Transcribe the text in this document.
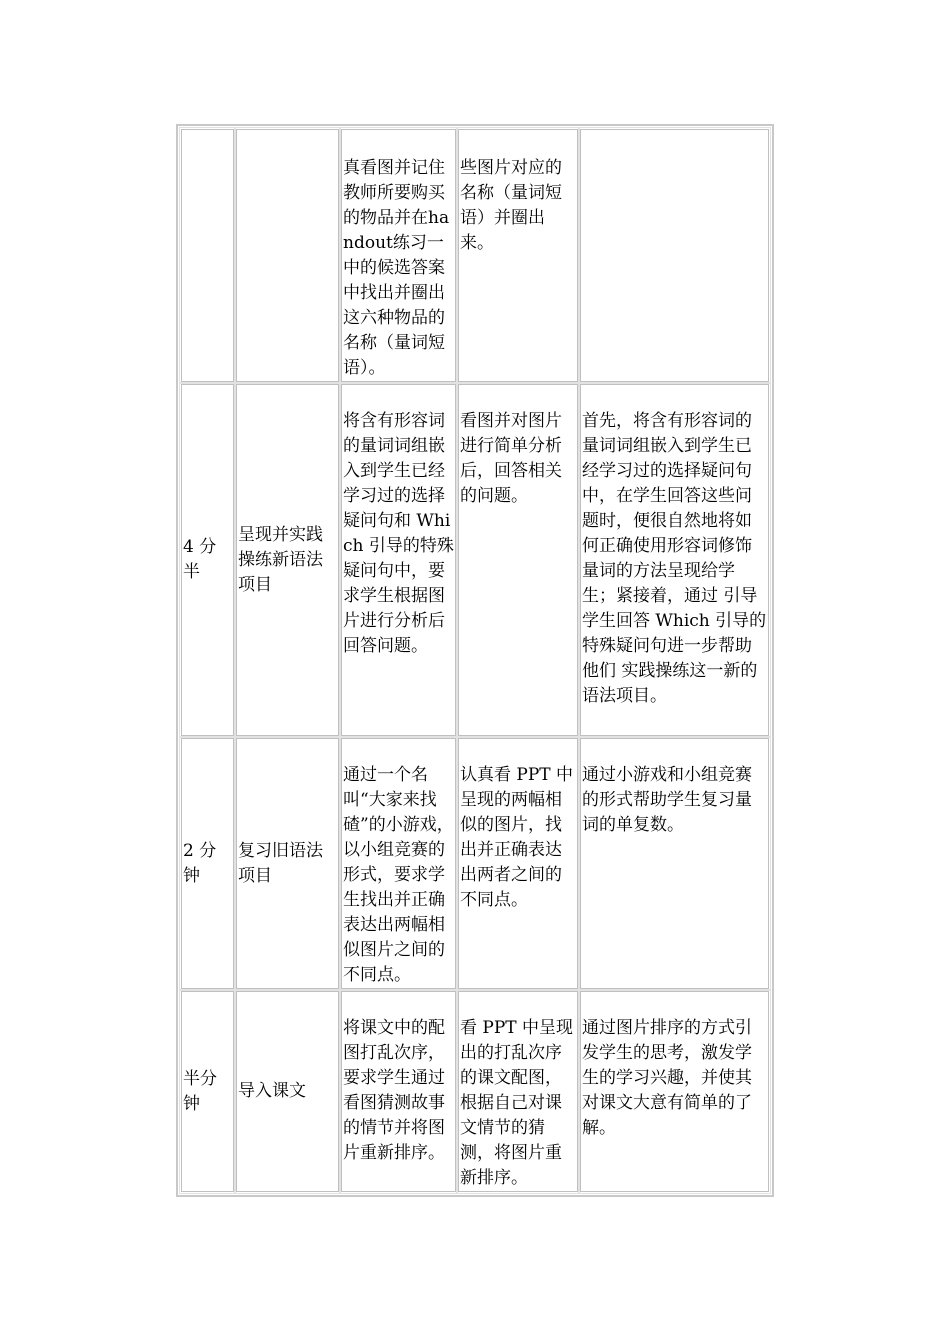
		真看图并记住教师所要购买的物品并在handout练习一中的候选答案中找出并圈出这六种物品的名称（量词短语）。	些图片对应的名称（量词短语）并圈出来。	
4 分半	呈现并实践操练新语法项目	将含有形容词的量词词组嵌入到学生已经学习过的选择疑问句和 Which 引导的特殊疑问句中，要求学生根据图片进行分析后回答问题。	看图并对图片进行简单分析后，回答相关的问题。	首先，将含有形容词的量词词组嵌入到学生已经学习过的选择疑问句中，在学生回答这些问题时，便很自然地将如何正确使用形容词修饰量词的方法呈现给学生；紧接着，通过 引导学生回答 Which 引导的特殊疑问句进一步帮助他们 实践操练这一新的语法项目。
2 分钟	复习旧语法项目	通过一个名叫“大家来找碴”的小游戏，以小组竞赛的形式，要求学生找出并正确表达出两幅相似图片之间的不同点。	认真看 PPT 中呈现的两幅相似的图片，找出并正确表达出两者之间的不同点。	通过小游戏和小组竞赛的形式帮助学生复习量词的单复数。
半分钟	导入课文	将课文中的配图打乱次序，要求学生通过看图猜测故事的情节并将图片重新排序。	看 PPT 中呈现出的打乱次序的课文配图，根据自己对课文情节的猜测，将图片重新排序。	通过图片排序的方式引发学生的思考，激发学生的学习兴趣，并使其对课文大意有简单的了解。
